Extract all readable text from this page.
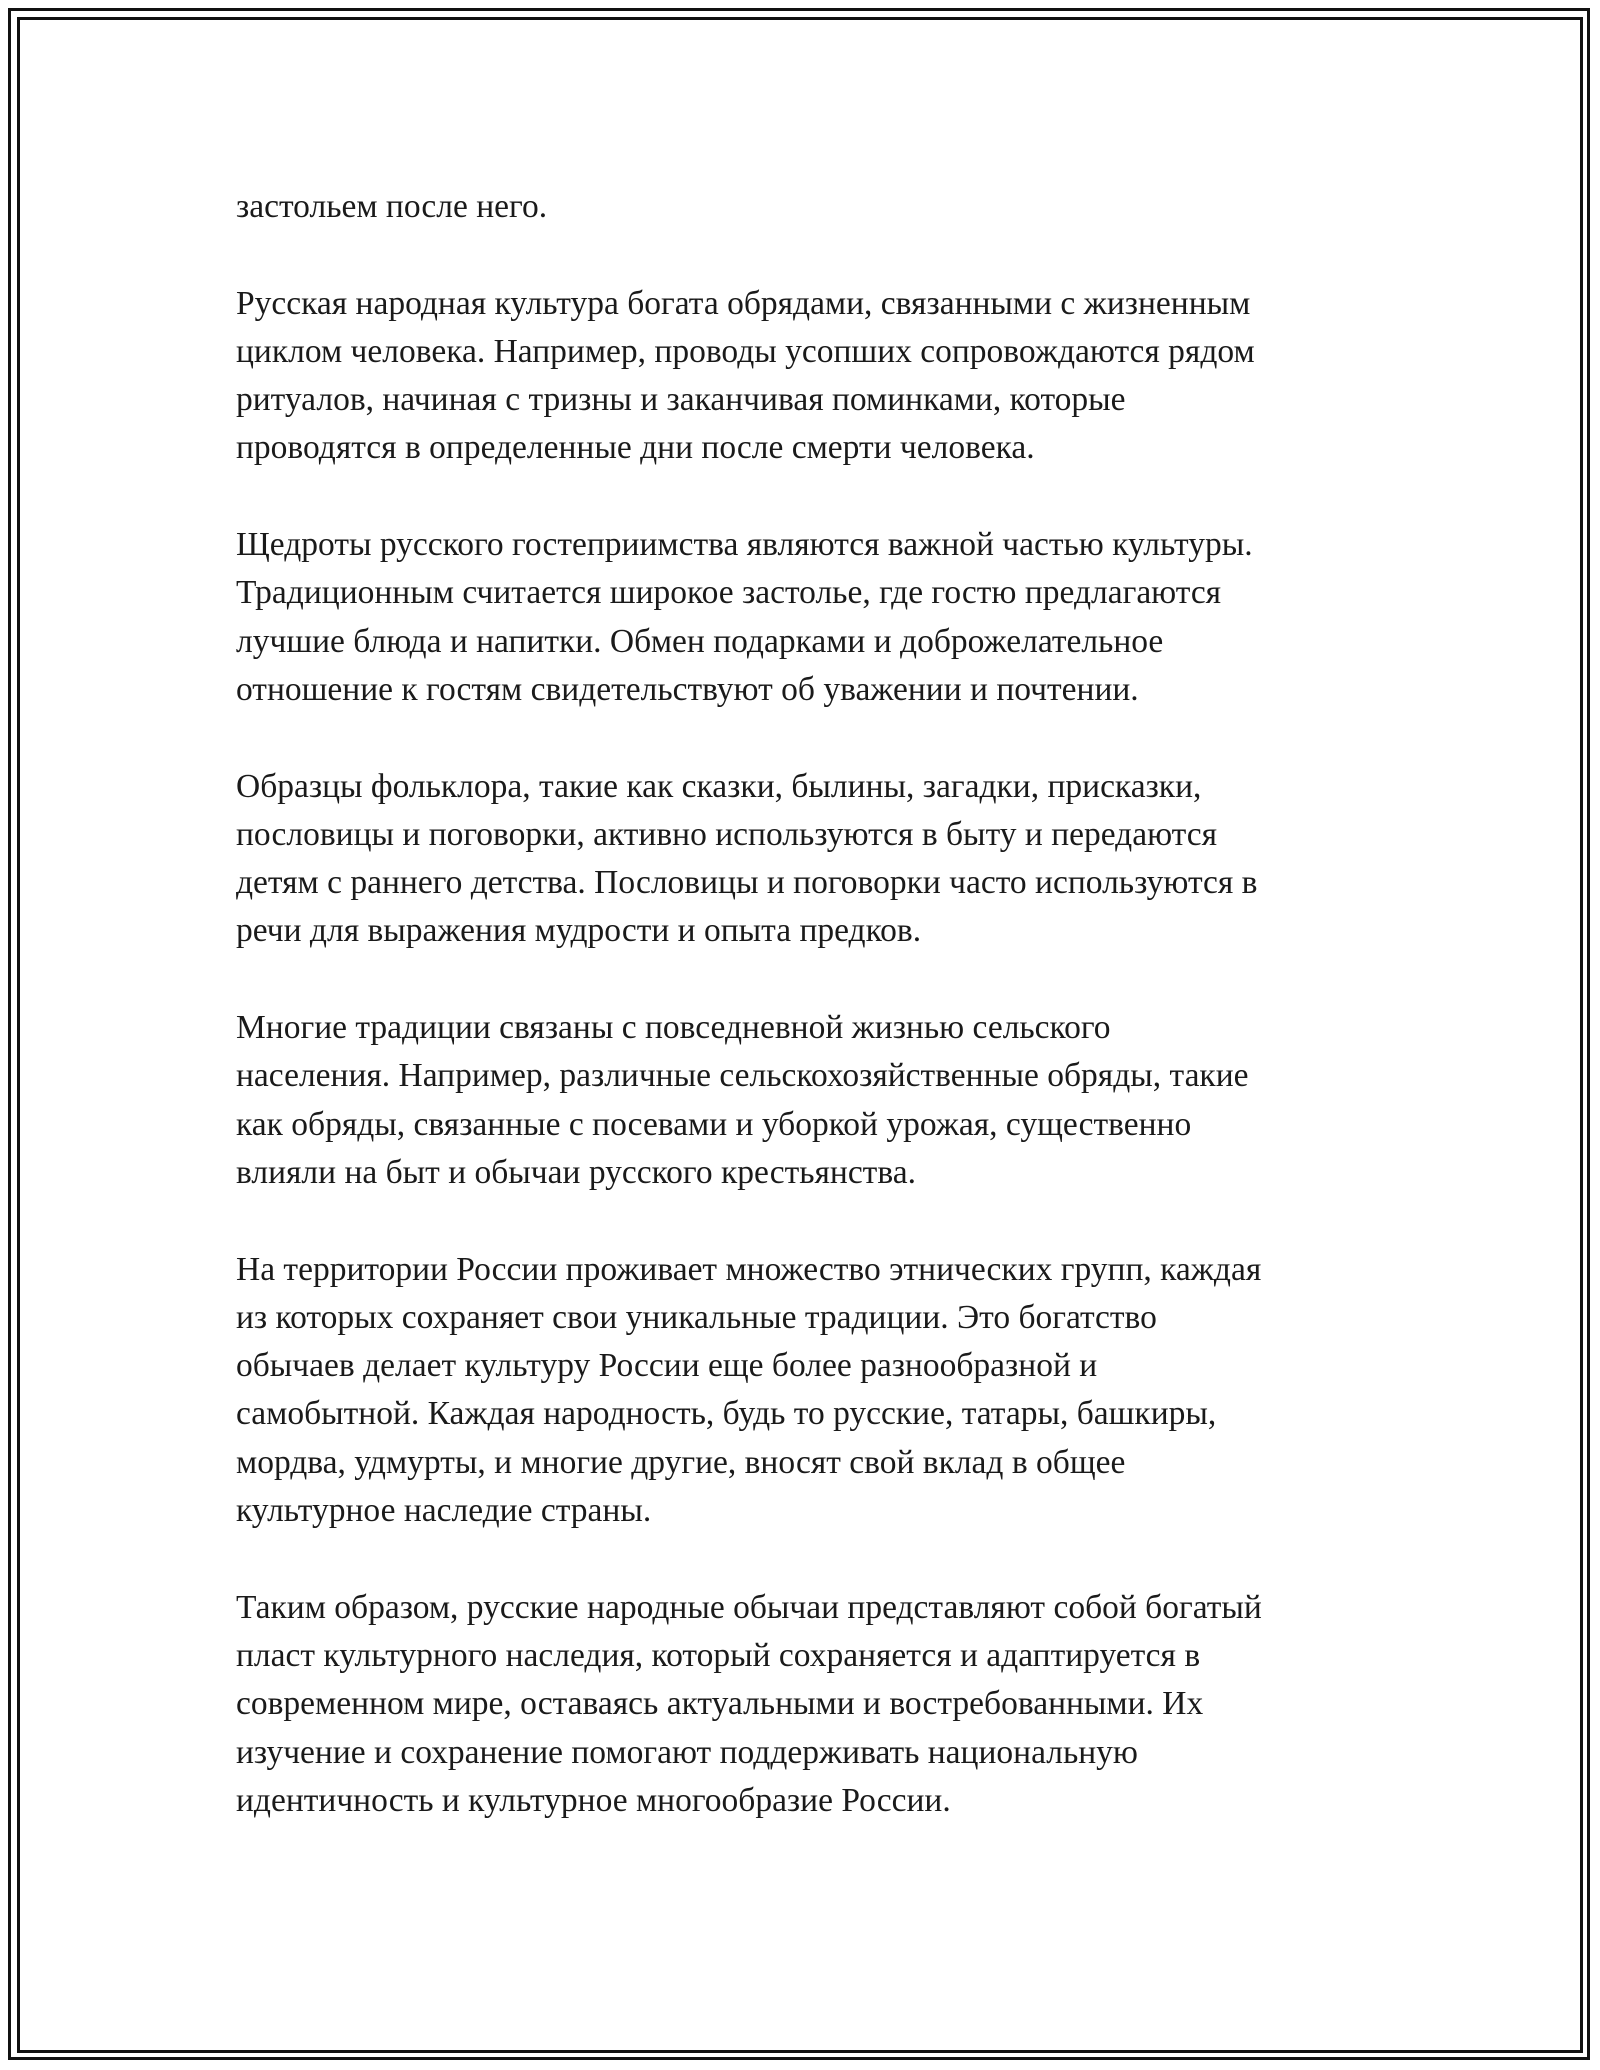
застольем после него.

Русская народная культура богата обрядами, связанными с жизненным
циклом человека. Например, проводы усопших сопровождаются рядом
ритуалов, начиная с тризны и заканчивая поминками, которые
проводятся в определенные дни после смерти человека.

Щедроты русского гостеприимства являются важной частью культуры.
Традиционным считается широкое застолье, где гостю предлагаются
лучшие блюда и напитки. Обмен подарками и доброжелательное
отношение к гостям свидетельствуют об уважении и почтении.

Образцы фольклора, такие как сказки, былины, загадки, присказки,
пословицы и поговорки, активно используются в быту и передаются
детям с раннего детства. Пословицы и поговорки часто используются в
речи для выражения мудрости и опыта предков.

Многие традиции связаны с повседневной жизнью сельского
населения. Например, различные сельскохозяйственные обряды, такие
как обряды, связанные с посевами и уборкой урожая, существенно
влияли на быт и обычаи русского крестьянства.

На территории России проживает множество этнических групп, каждая
из которых сохраняет свои уникальные традиции. Это богатство
обычаев делает культуру России еще более разнообразной и
самобытной. Каждая народность, будь то русские, татары, башкиры,
мордва, удмурты, и многие другие, вносят свой вклад в общее
культурное наследие страны.

Таким образом, русские народные обычаи представляют собой богатый
пласт культурного наследия, который сохраняется и адаптируется в
современном мире, оставаясь актуальными и востребованными. Их
изучение и сохранение помогают поддерживать национальную
идентичность и культурное многообразие России.
